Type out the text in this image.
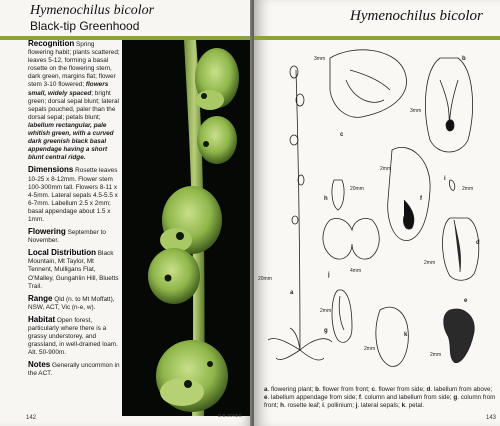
Hymenochilus bicolor
Black-tip Greenhood

Recognition Spring flowering habit; plants scattered; leaves 5-12, forming a basal rosette on the flowering stem, dark green, margins flat; flower stem 3-10 flowered; flowers small, widely spaced; bright green; dorsal sepal blunt; lateral sepals pouched, paler than the dorsal sepal; petals blunt; labellum rectangular, pale whitish green, with a curved dark greenish black basal appendage having a short blunt central ridge.

Dimensions Rosette leaves 10-25 x 8-12mm. Flower stem 100-300mm tall. Flowers 8-11 x 4-5mm. Lateral sepals 4.5-5.5 x 6-7mm. Labellum 2.5 x 2mm; basal appendage about 1.5 x 1mm.

Flowering September to November.

Local Distribution Black Mountain, Mt Taylor, Mt Tennent, Mulligans Flat, O'Malley, Gungahlin Hill, Bluetts Trail.

Range Qld (n. to Mt Moffatt), NSW, ACT, Vic (n-e, w).

Habitat Open forest, particularly where there is a grassy understorey, and grassland, in well-drained loam. Alt. 50-900m.

Notes Generally uncommon in the ACT.

D.B.JONES
142
Hymenochilus bicolor
a
20mm
c
3mm	b
3mm
h
20mm
f
2mm
i
2mm
j
4mm
d
2mm
g
2mm
k
2mm
e
2mm
a. flowering plant; b. flower from front; c. flower from side; d. labellum from above; e. labellum appendage from side; f. column and labellum from side; g. column from front; h. rosette leaf; i. pollinium; j. lateral sepals; k. petal.
143
